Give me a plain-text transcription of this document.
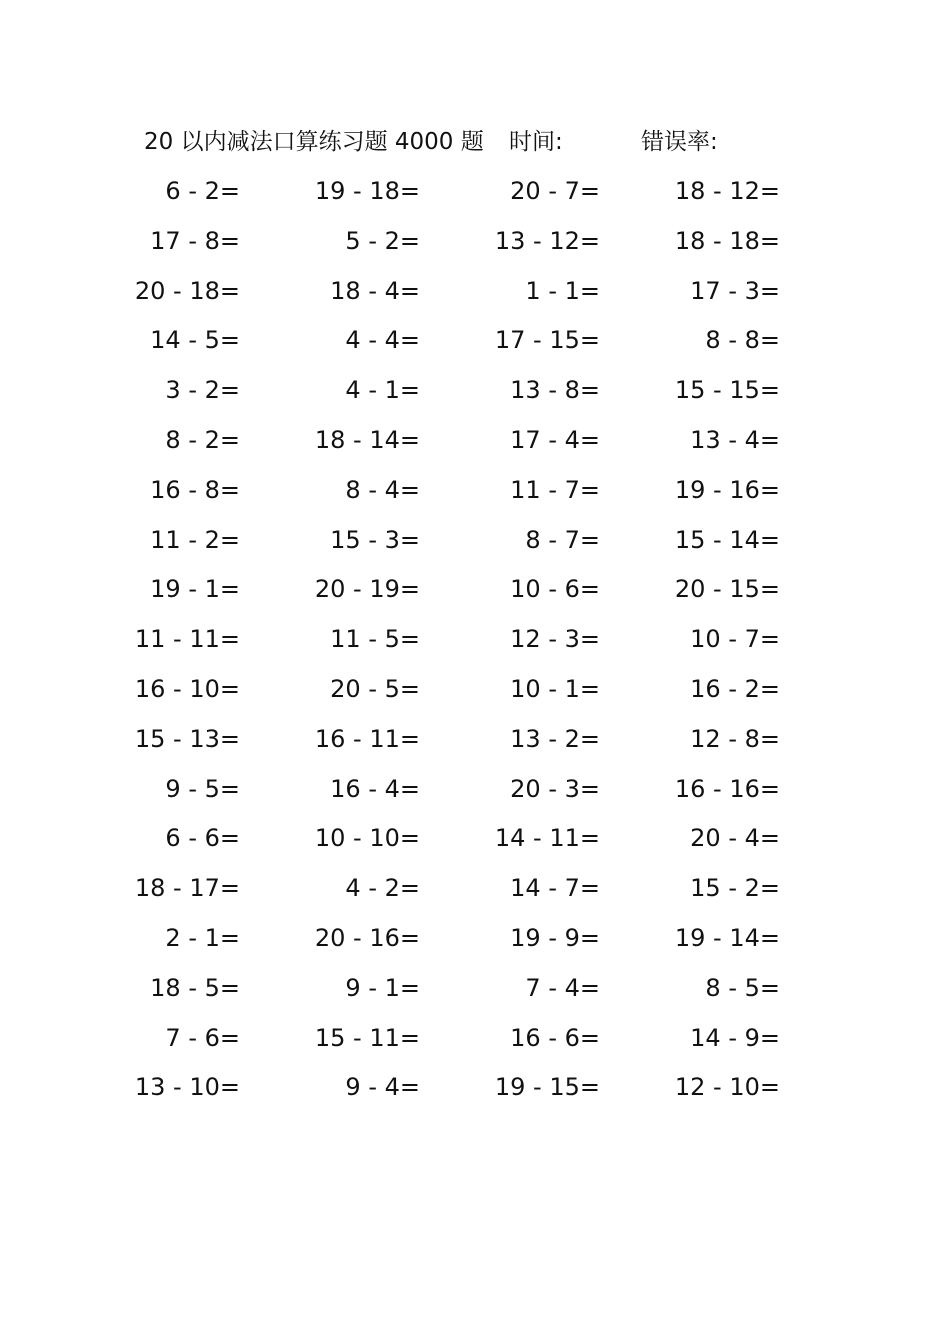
20 以内减法口算练习题 4000 题 时间:	错误率:
6 - 2=	19 - 18=	20 - 7=	18 - 12=
17 - 8=	5 - 2=	13 - 12=	18 - 18=
20 - 18=	18 - 4=	1 - 1=	17 - 3=
14 - 5=	4 - 4=	17 - 15=	8 - 8=
3 - 2=	4 - 1=	13 - 8=	15 - 15=
8 - 2=	18 - 14=	17 - 4=	13 - 4=
16 - 8=	8 - 4=	11 - 7=	19 - 16=
11 - 2=	15 - 3=	8 - 7=	15 - 14=
19 - 1=	20 - 19=	10 - 6=	20 - 15=
11 - 11=	11 - 5=	12 - 3=	10 - 7=
16 - 10=	20 - 5=	10 - 1=	16 - 2=
15 - 13=	16 - 11=	13 - 2=	12 - 8=
9 - 5=	16 - 4=	20 - 3=	16 - 16=
6 - 6=	10 - 10=	14 - 11=	20 - 4=
18 - 17=	4 - 2=	14 - 7=	15 - 2=
2 - 1=	20 - 16=	19 - 9=	19 - 14=
18 - 5=	9 - 1=	7 - 4=	8 - 5=
7 - 6=	15 - 11=	16 - 6=	14 - 9=
13 - 10=	9 - 4=	19 - 15=	12 - 10=
